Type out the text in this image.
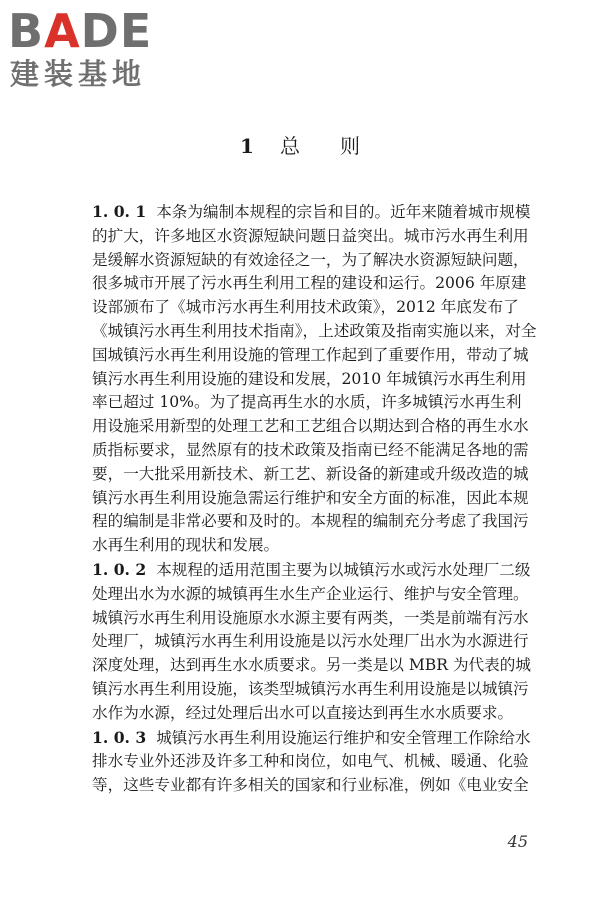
BADE
建装基地
1 总 则
1. 0. 1  本条为编制本规程的宗旨和目的。近年来随着城市规模
的扩大，许多地区水资源短缺问题日益突出。城市污水再生利用
是缓解水资源短缺的有效途径之一，为了解决水资源短缺问题，
很多城市开展了污水再生利用工程的建设和运行。2006 年原建
设部颁布了《城市污水再生利用技术政策》，2012 年底发布了
《城镇污水再生利用技术指南》，上述政策及指南实施以来，对全
国城镇污水再生利用设施的管理工作起到了重要作用，带动了城
镇污水再生利用设施的建设和发展，2010 年城镇污水再生利用
率已超过 10%。为了提高再生水的水质，许多城镇污水再生利
用设施采用新型的处理工艺和工艺组合以期达到合格的再生水水
质指标要求，显然原有的技术政策及指南已经不能满足各地的需
要，一大批采用新技术、新工艺、新设备的新建或升级改造的城
镇污水再生利用设施急需运行维护和安全方面的标准，因此本规
程的编制是非常必要和及时的。本规程的编制充分考虑了我国污
水再生利用的现状和发展。
1. 0. 2  本规程的适用范围主要为以城镇污水或污水处理厂二级
处理出水为水源的城镇再生水生产企业运行、维护与安全管理。
城镇污水再生利用设施原水水源主要有两类，一类是前端有污水
处理厂，城镇污水再生利用设施是以污水处理厂出水为水源进行
深度处理，达到再生水水质要求。另一类是以 MBR 为代表的城
镇污水再生利用设施，该类型城镇污水再生利用设施是以城镇污
水作为水源，经过处理后出水可以直接达到再生水水质要求。
1. 0. 3  城镇污水再生利用设施运行维护和安全管理工作除给水
排水专业外还涉及许多工种和岗位，如电气、机械、暖通、化验
等，这些专业都有许多相关的国家和行业标准，例如《电业安全
45
